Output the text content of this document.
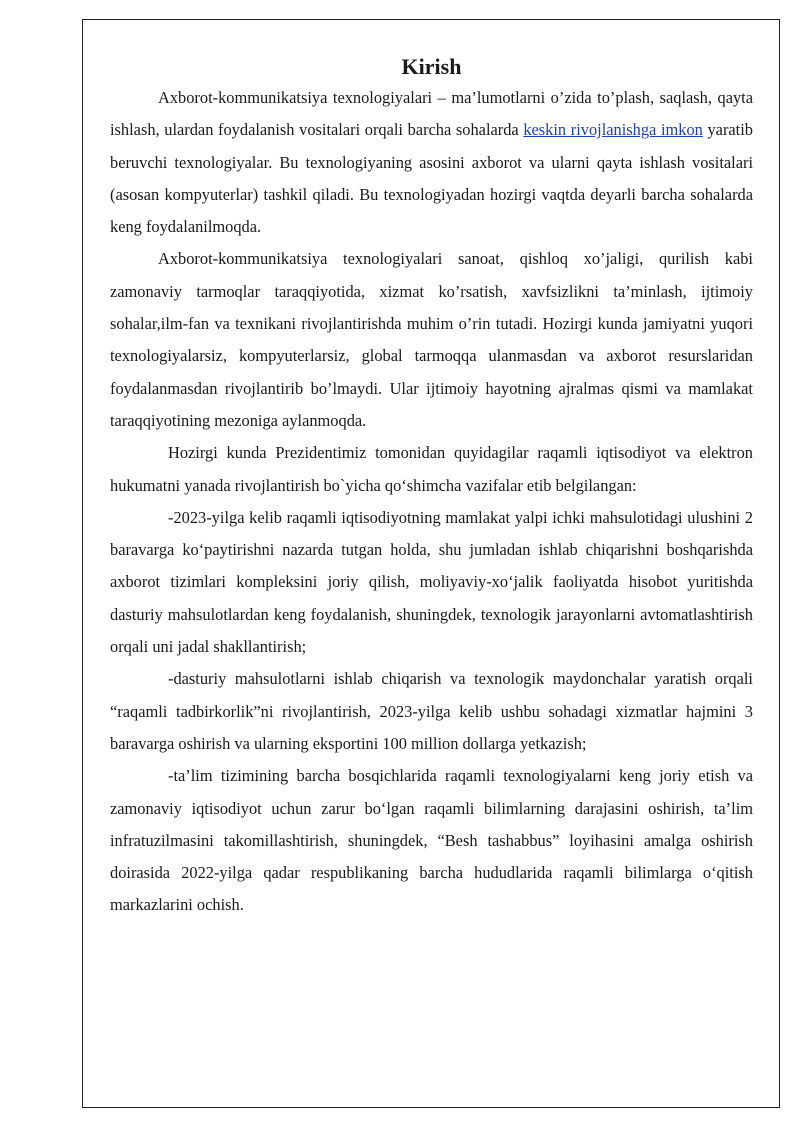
Kirish

Axborot-kommunikatsiya texnologiyalari – ma’lumotlarni o’zida to’plash, saqlash, qayta ishlash, ulardan foydalanish vositalari orqali barcha sohalarda keskin rivojlanishga imkon yaratib beruvchi texnologiyalar. Bu texnologiyaning asosini axborot va ularni qayta ishlash vositalari (asosan kompyuterlar) tashkil qiladi. Bu texnologiyadan hozirgi vaqtda deyarli barcha sohalarda keng foydalanilmoqda.

Axborot-kommunikatsiya texnologiyalari sanoat, qishloq xo’jaligi, qurilish kabi zamonaviy tarmoqlar taraqqiyotida, xizmat ko’rsatish, xavfsizlikni ta’minlash, ijtimoiy sohalar,ilm-fan va texnikani rivojlantirishda muhim o’rin tutadi. Hozirgi kunda jamiyatni yuqori texnologiyalarsiz, kompyuterlarsiz, global tarmoqqa ulanmasdan va axborot resurslaridan foydalanmasdan rivojlantirib bo’lmaydi. Ular ijtimoiy hayotning ajralmas qismi va mamlakat taraqqiyotining mezoniga aylanmoqda.

Hozirgi kunda Prezidentimiz tomonidan quyidagilar raqamli iqtisodiyot va elektron hukumatni yanada rivojlantirish bo`yicha qo‘shimcha vazifalar etib belgilangan:

-2023-yilga kelib raqamli iqtisodiyotning mamlakat yalpi ichki mahsulotidagi ulushini 2 baravarga ko‘paytirishni nazarda tutgan holda, shu jumladan ishlab chiqarishni boshqarishda axborot tizimlari kompleksini joriy qilish, moliyaviy-xo‘jalik faoliyatda hisobot yuritishda dasturiy mahsulotlardan keng foydalanish, shuningdek, texnologik jarayonlarni avtomatlashtirish orqali uni jadal shakllantirish;

-dasturiy mahsulotlarni ishlab chiqarish va texnologik maydonchalar yaratish orqali “raqamli tadbirkorlik”ni rivojlantirish, 2023-yilga kelib ushbu sohadagi xizmatlar hajmini 3 baravarga oshirish va ularning eksportini 100 million dollarga yetkazish;

-ta’lim tizimining barcha bosqichlarida raqamli texnologiyalarni keng joriy etish va zamonaviy iqtisodiyot uchun zarur bo‘lgan raqamli bilimlarning darajasini oshirish, ta’lim infratuzilmasini takomillashtirish, shuningdek, “Besh tashabbus” loyihasini amalga oshirish doirasida 2022-yilga qadar respublikaning barcha hududlarida raqamli bilimlarga o‘qitish markazlarini ochish.
